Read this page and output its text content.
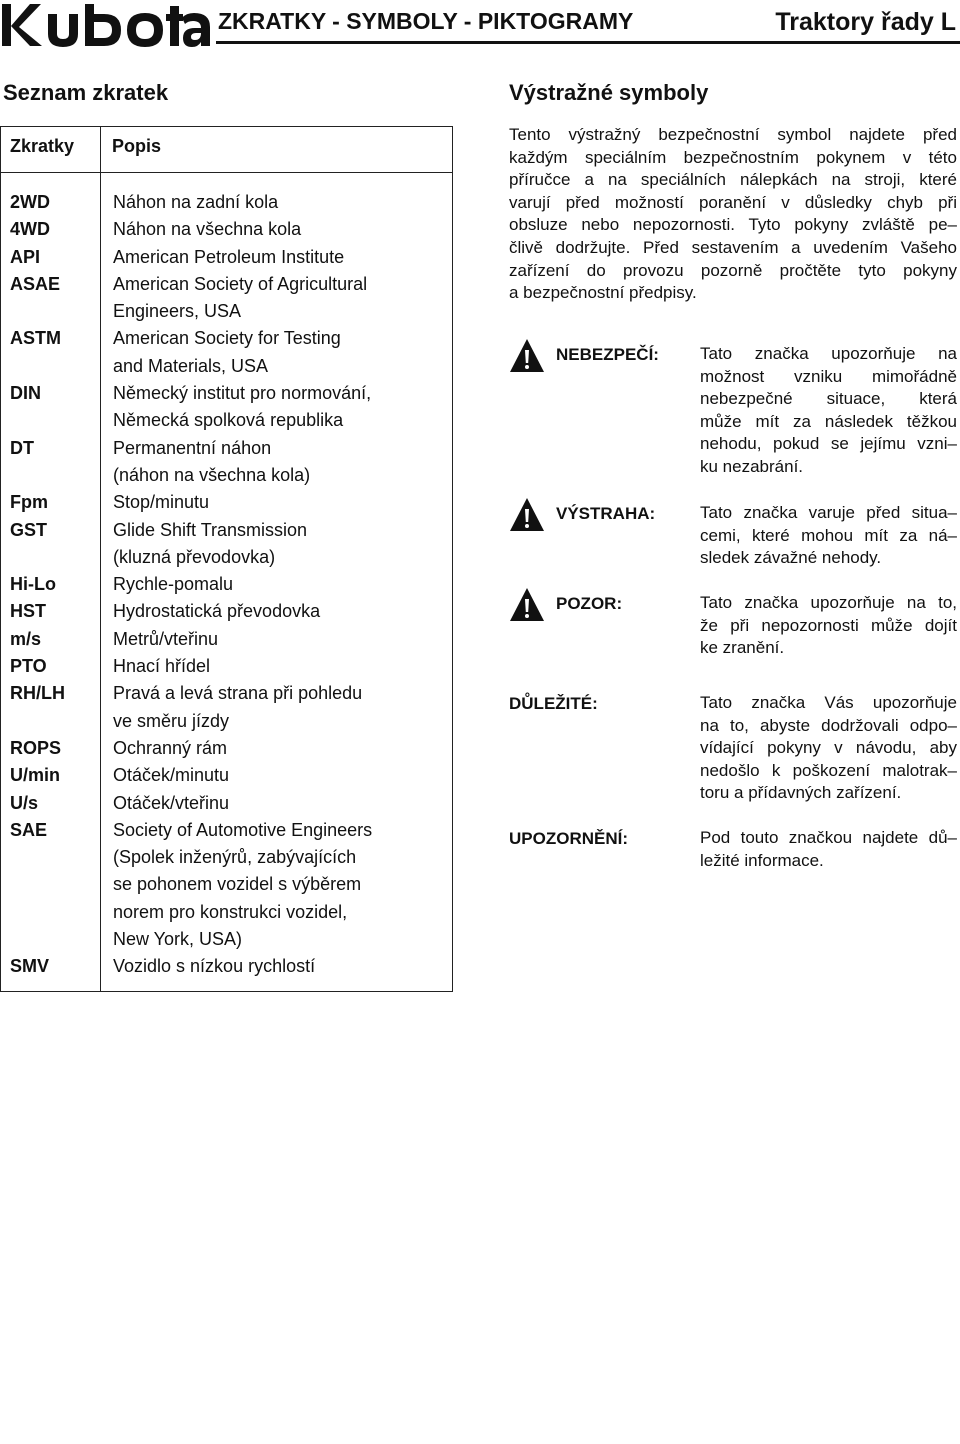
ZKRATKY - SYMBOLY - PIKTOGRAMY	Traktory řady L
Seznam zkratek
Zkratky Popis
2WD	Náhon na zadní kola
4WD	Náhon na všechna kola
API	American Petroleum Institute
ASAE	American Society of Agricultural
Engineers, USA
ASTM	American Society for Testing
and Materials, USA
DIN	Německý institut pro normování,
Německá spolková republika
DT	Permanentní náhon
(náhon na všechna kola)
Fpm	Stop/minutu
GST	Glide Shift Transmission
(kluzná převodovka)
Hi-Lo	Rychle-pomalu
HST	Hydrostatická převodovka
m/s	Metrů/vteřinu
PTO	Hnací hřídel
RH/LH	Pravá a levá strana při pohledu
ve směru jízdy
ROPS	Ochranný rám
U/min	Otáček/minutu
U/s	Otáček/vteřinu
SAE	Society of Automotive Engineers
(Spolek inženýrů, zabývajících
se pohonem vozidel s výběrem
norem pro konstrukci vozidel,
New York, USA)
SMV	Vozidlo s nízkou rychlostí
Výstražné symboly
Tento výstražný bezpečnostní symbol najdete před
každým speciálním bezpečnostním pokynem v této
příručce a na speciálních nálepkách na stroji, které
varují před možností poranění v důsledky chyb při
obsluze nebo nepozornosti. Tyto pokyny zvláště pe–
člivě dodržujte. Před sestavením a uvedením Vašeho
zařízení do provozu pozorně pročtěte tyto pokyny
a bezpečnostní předpisy.
NEBEZPEČÍ: Tato značka upozorňuje na
možnost vzniku mimořádně
nebezpečné situace, která
může mít za následek těžkou
nehodu, pokud se jejímu vzni–
ku nezabrání.
VÝSTRAHA:	Tato značka varuje před situa–
cemi, které mohou mít za ná–
sledek závažné nehody.
POZOR:	Tato značka upozorňuje na to,
že při nepozornosti může dojít
ke zranění.
DŮLEŽITÉ:	Tato značka Vás upozorňuje
na to, abyste dodržovali odpo–
vídající pokyny v návodu, aby
nedošlo k poškození malotrak–
toru a přídavných zařízení.
UPOZORNĚNÍ:	Pod touto značkou najdete dů–
ležité informace.
